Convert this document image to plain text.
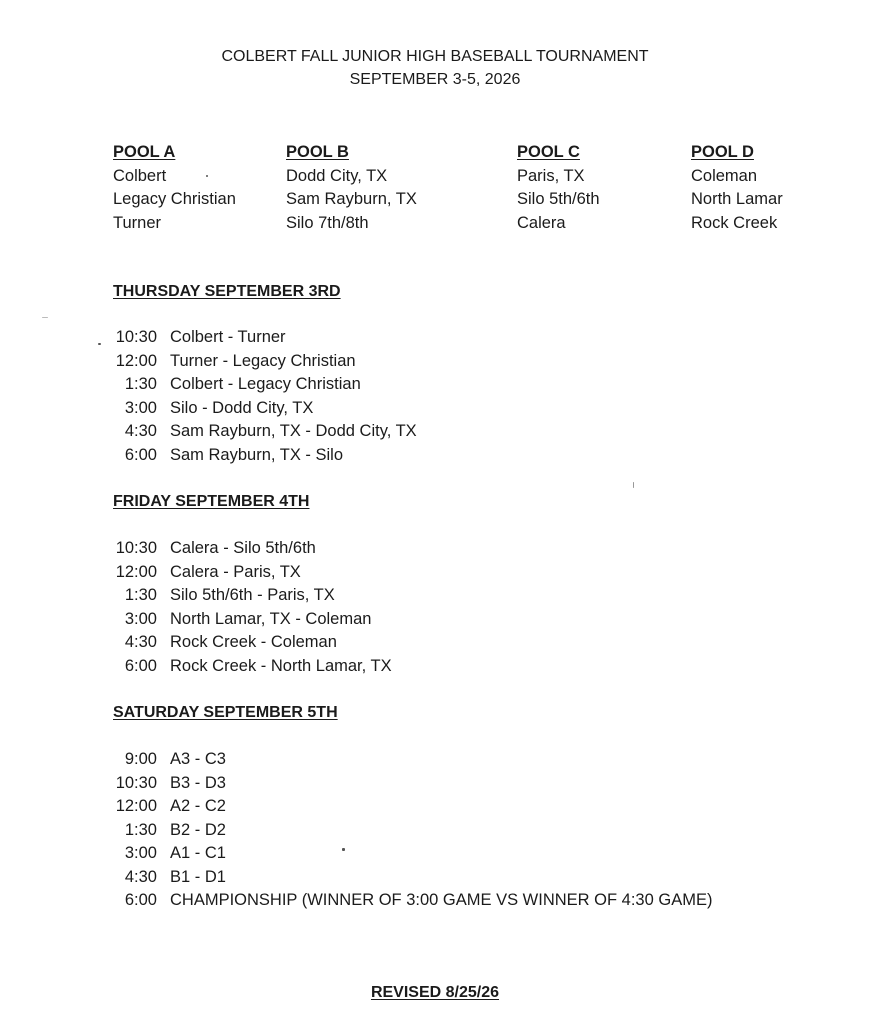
COLBERT FALL JUNIOR HIGH BASEBALL TOURNAMENT
SEPTEMBER 3-5, 2026
POOL A
Colbert
Legacy Christian
Turner
POOL B
Dodd City, TX
Sam Rayburn, TX
Silo 7th/8th
POOL C
Paris, TX
Silo 5th/6th
Calera
POOL D
Coleman
North Lamar
Rock Creek
THURSDAY SEPTEMBER 3RD
10:30 Colbert - Turner
12:00 Turner - Legacy Christian
1:30 Colbert - Legacy Christian
3:00 Silo - Dodd City, TX
4:30 Sam Rayburn, TX - Dodd City, TX
6:00 Sam Rayburn, TX - Silo
FRIDAY SEPTEMBER 4TH
10:30 Calera - Silo 5th/6th
12:00 Calera - Paris, TX
1:30 Silo 5th/6th - Paris, TX
3:00 North Lamar, TX - Coleman
4:30 Rock Creek - Coleman
6:00 Rock Creek - North Lamar, TX
SATURDAY SEPTEMBER 5TH
9:00 A3 - C3
10:30 B3 - D3
12:00 A2 - C2
1:30 B2 - D2
3:00 A1 - C1
4:30 B1 - D1
6:00 CHAMPIONSHIP (WINNER OF 3:00 GAME VS WINNER OF 4:30 GAME)
REVISED 8/25/26
